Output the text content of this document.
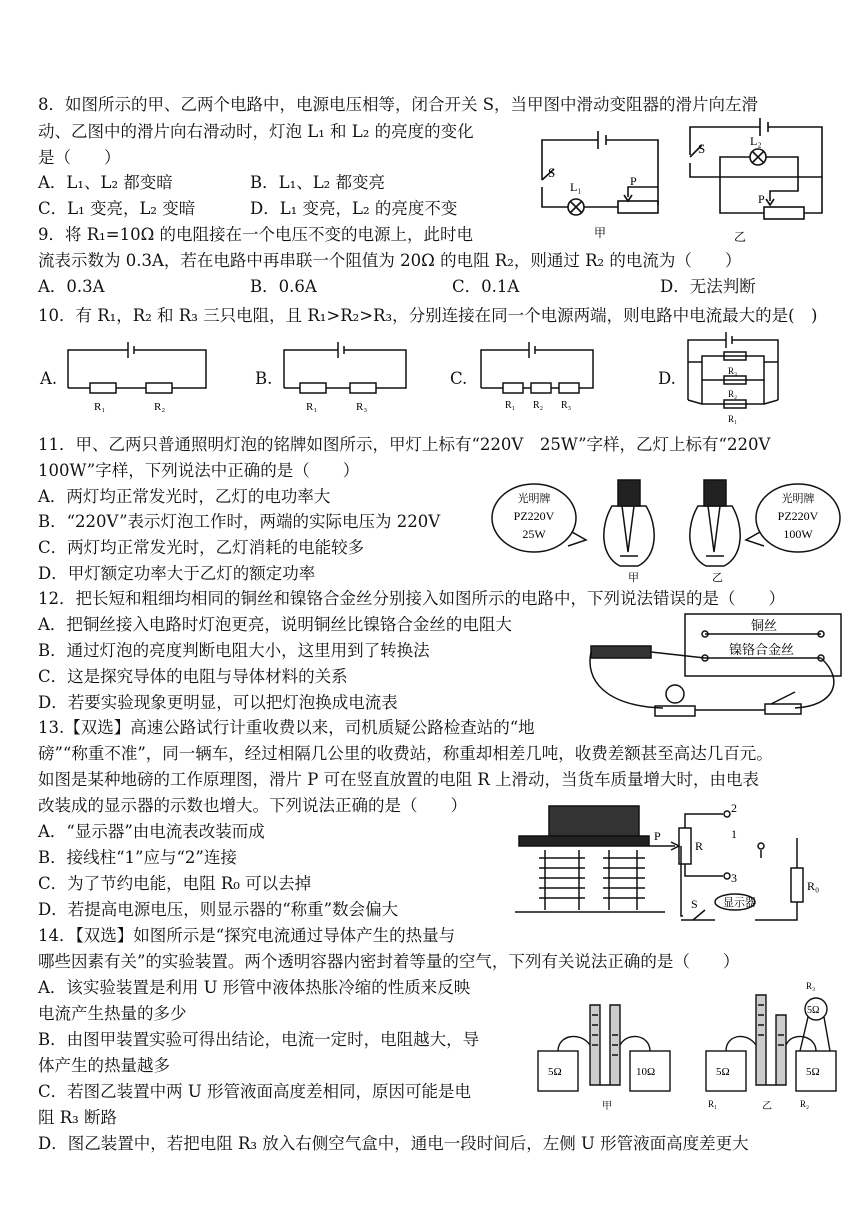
8．如图所示的甲、乙两个电路中，电源电压相等，闭合开关 S，当甲图中滑动变阻器的滑片向左滑
动、乙图中的滑片向右滑动时，灯泡 L₁ 和 L₂ 的亮度的变化
是（　　）
A．L₁、L₂ 都变暗	B．L₁、L₂ 都变亮
C．L₁ 变亮，L₂ 变暗	D．L₁ 变亮，L₂ 的亮度不变
S
L₁	P
甲
S	L₂
P
乙
9．将 R₁=10Ω 的电阻接在一个电压不变的电源上，此时电
流表示数为 0.3A，若在电路中再串联一个阻值为 20Ω 的电阻 R₂，则通过 R₂ 的电流为（　　）
A．0.3A	B．0.6A	C．0.1A	D．无法判断
10．有 R₁，R₂ 和 R₃ 三只电阻，且 R₁>R₂>R₃，分别连接在同一个电源两端，则电路中电流最大的是(　)
A.
R₁	R₂
B.
R₁	R₃
C.
R₁ R₂ R₃
D.	R₃
R₂
R₁
11．甲、乙两只普通照明灯泡的铭牌如图所示，甲灯上标有“220V　25W”字样，乙灯上标有“220V
100W”字样，下列说法中正确的是（　　）
A．两灯均正常发光时，乙灯的电功率大
B．“220V”表示灯泡工作时，两端的实际电压为 220V
C．两灯均正常发光时，乙灯消耗的电能较多
D．甲灯额定功率大于乙灯的额定功率
光明牌
PZ220V
25W
光明牌
PZ220V
100W
甲	乙
12．把长短和粗细均相同的铜丝和镍铬合金丝分别接入如图所示的电路中，下列说法错误的是（　　）
A．把铜丝接入电路时灯泡更亮，说明铜丝比镍铬合金丝的电阻大
B．通过灯泡的亮度判断电阻大小，这里用到了转换法
C．这是探究导体的电阻与导体材料的关系
D．若要实验现象更明显，可以把灯泡换成电流表
铜丝
镍铬合金丝
13.【双选】高速公路试行计重收费以来，司机质疑公路检查站的“地
磅”“称重不准”，同一辆车，经过相隔几公里的收费站，称重却相差几吨，收费差额甚至高达几百元。
如图是某种地磅的工作原理图，滑片 P 可在竖直放置的电阻 R 上滑动，当货车质量增大时，由电表
改装成的显示器的示数也增大。下列说法正确的是（　　）
A．“显示器”由电流表改装而成
B．接线柱“1”应与“2”连接
C．为了节约电能，电阻 R₀ 可以去掉
D．若提高电源电压，则显示器的“称重”数会偏大
P
R
1
2
3
R₀
S 显示器
14．【双选】如图所示是“探究电流通过导体产生的热量与
哪些因素有关”的实验装置。两个透明容器内密封着等量的空气，下列有关说法正确的是（　　）
A．该实验装置是利用 U 形管中液体热胀冷缩的性质来反映
电流产生热量的多少
B．由图甲装置实验可得出结论，电流一定时，电阻越大，导
体产生的热量越多
C．若图乙装置中两 U 形管液面高度差相同，原因可能是电
阻 R₃ 断路
D．图乙装置中，若把电阻 R₃ 放入右侧空气盒中，通电一段时间后，左侧 U 形管液面高度差更大
5Ω	10Ω	5Ω	5Ω
5Ω
R₃
R₁	R₂
甲	乙
